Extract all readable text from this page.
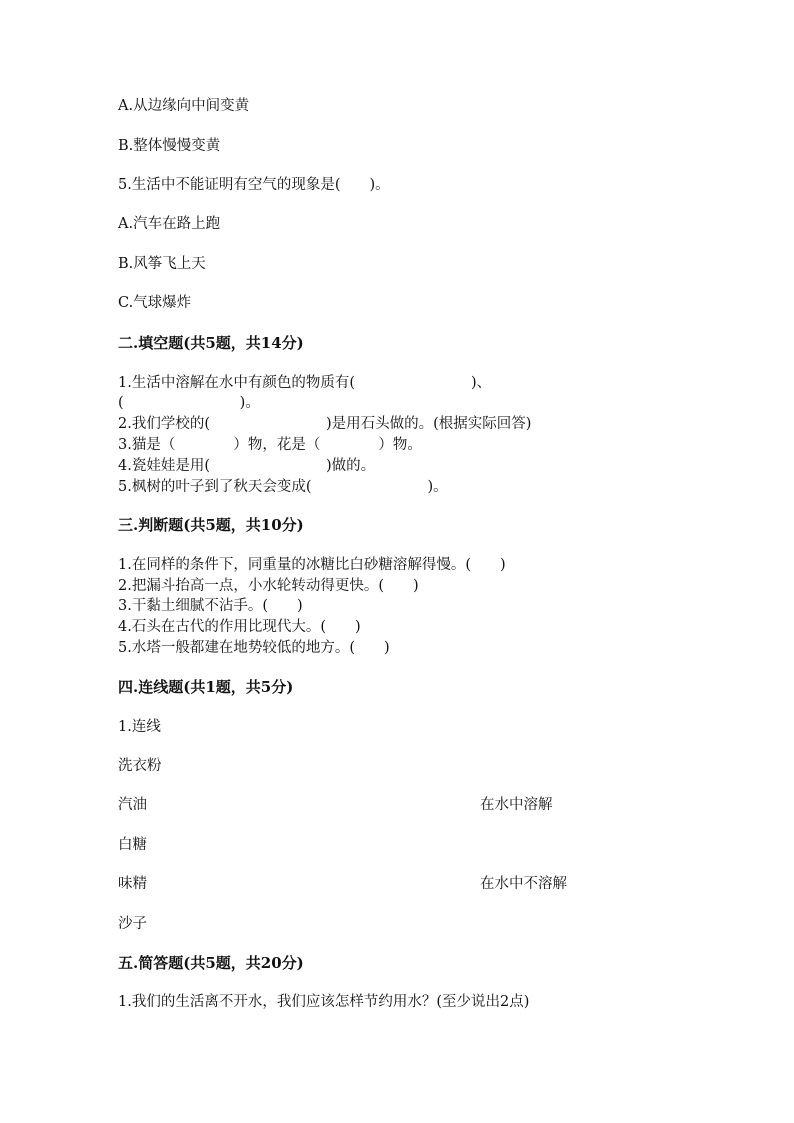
A.从边缘向中间变黄
B.整体慢慢变黄
5.生活中不能证明有空气的现象是(　　)。
A.汽车在路上跑
B.风筝飞上天
C.气球爆炸
二.填空题(共5题，共14分)
1.生活中溶解在水中有颜色的物质有(　　　　　　　　)、
(　　　　　　　　)。
2.我们学校的(　　　　　　　　)是用石头做的。(根据实际回答)
3.猫是（　　　　）物，花是（　　　　）物。
4.瓷娃娃是用(　　　　　　　　)做的。
5.枫树的叶子到了秋天会变成(　　　　　　　　)。
三.判断题(共5题，共10分)
1.在同样的条件下，同重量的冰糖比白砂糖溶解得慢。(　　)
2.把漏斗抬高一点，小水轮转动得更快。(　　)
3.干黏土细腻不沾手。(　　)
4.石头在古代的作用比现代大。(　　)
5.水塔一般都建在地势较低的地方。(　　)
四.连线题(共1题，共5分)
1.连线
洗衣粉
汽油	在水中溶解
白糖
味精	在水中不溶解
沙子
五.简答题(共5题，共20分)
1.我们的生活离不开水，我们应该怎样节约用水？(至少说出2点)
